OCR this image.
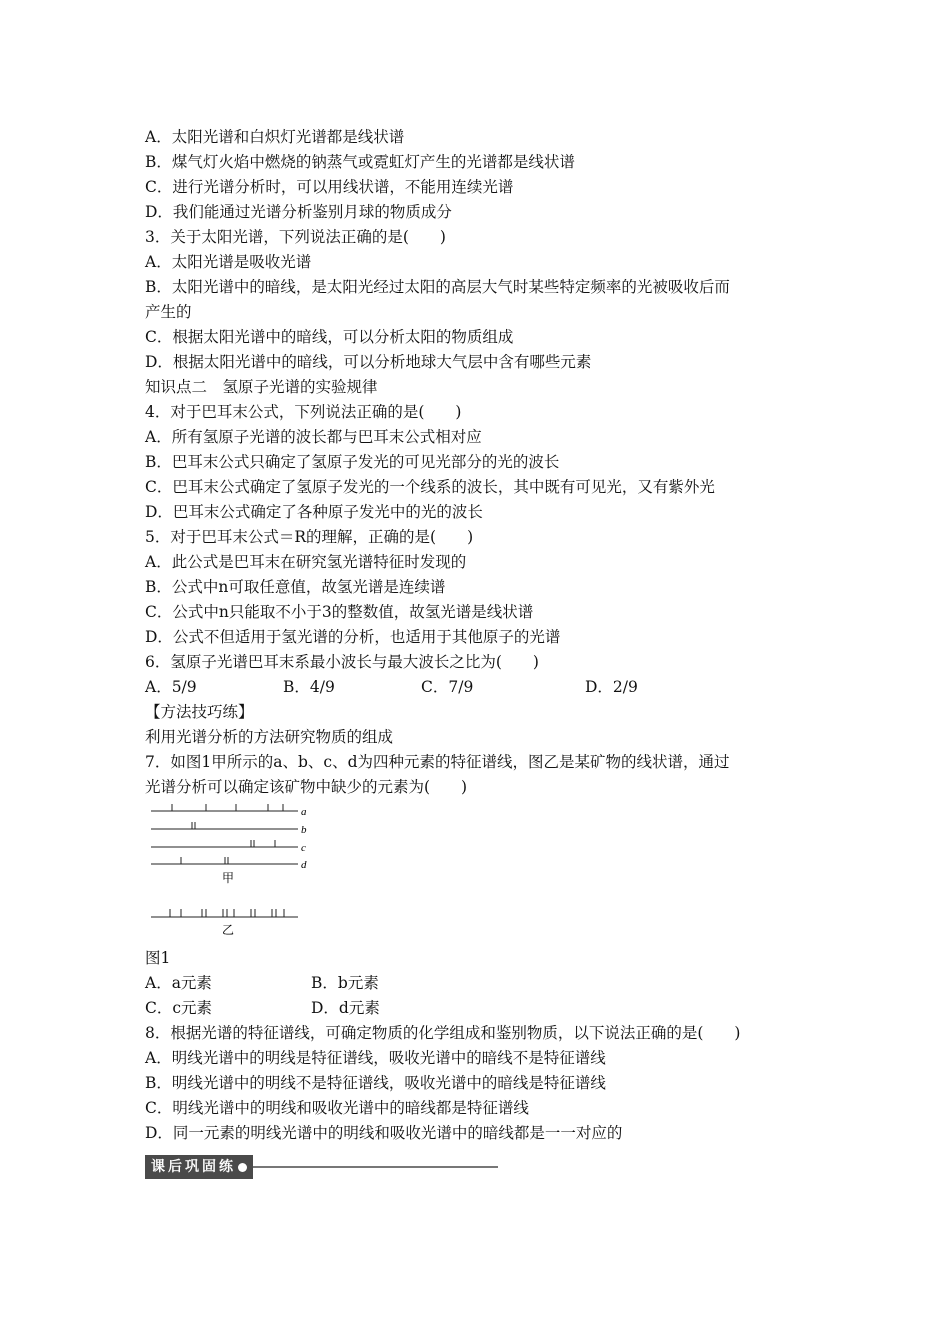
A．太阳光谱和白炽灯光谱都是线状谱
B．煤气灯火焰中燃烧的钠蒸气或霓虹灯产生的光谱都是线状谱
C．进行光谱分析时，可以用线状谱，不能用连续光谱
D．我们能通过光谱分析鉴别月球的物质成分
3．关于太阳光谱，下列说法正确的是(　　)
A．太阳光谱是吸收光谱
B．太阳光谱中的暗线，是太阳光经过太阳的高层大气时某些特定频率的光被吸收后而
产生的
C．根据太阳光谱中的暗线，可以分析太阳的物质组成
D．根据太阳光谱中的暗线，可以分析地球大气层中含有哪些元素
知识点二　氢原子光谱的实验规律
4．对于巴耳末公式，下列说法正确的是(　　)
A．所有氢原子光谱的波长都与巴耳末公式相对应
B．巴耳末公式只确定了氢原子发光的可见光部分的光的波长
C．巴耳末公式确定了氢原子发光的一个线系的波长，其中既有可见光，又有紫外光
D．巴耳末公式确定了各种原子发光中的光的波长
5．对于巴耳末公式＝R的理解，正确的是(　　)
A．此公式是巴耳末在研究氢光谱特征时发现的
B．公式中n可取任意值，故氢光谱是连续谱
C．公式中n只能取不小于3的整数值，故氢光谱是线状谱
D．公式不但适用于氢光谱的分析，也适用于其他原子的光谱
6．氢原子光谱巴耳末系最小波长与最大波长之比为(　　)
A．5/9	B．4/9	C．7/9	D．2/9
【方法技巧练】
利用光谱分析的方法研究物质的组成
7．如图1甲所示的a、b、c、d为四种元素的特征谱线，图乙是某矿物的线状谱，通过
光谱分析可以确定该矿物中缺少的元素为(　　)
a
b
c
d
甲
乙
图1
A．a元素	B．b元素
C．c元素	D．d元素
8．根据光谱的特征谱线，可确定物质的化学组成和鉴别物质，以下说法正确的是(　　)
A．明线光谱中的明线是特征谱线，吸收光谱中的暗线不是特征谱线
B．明线光谱中的明线不是特征谱线，吸收光谱中的暗线是特征谱线
C．明线光谱中的明线和吸收光谱中的暗线都是特征谱线
D．同一元素的明线光谱中的明线和吸收光谱中的暗线都是一一对应的
课后巩固练
